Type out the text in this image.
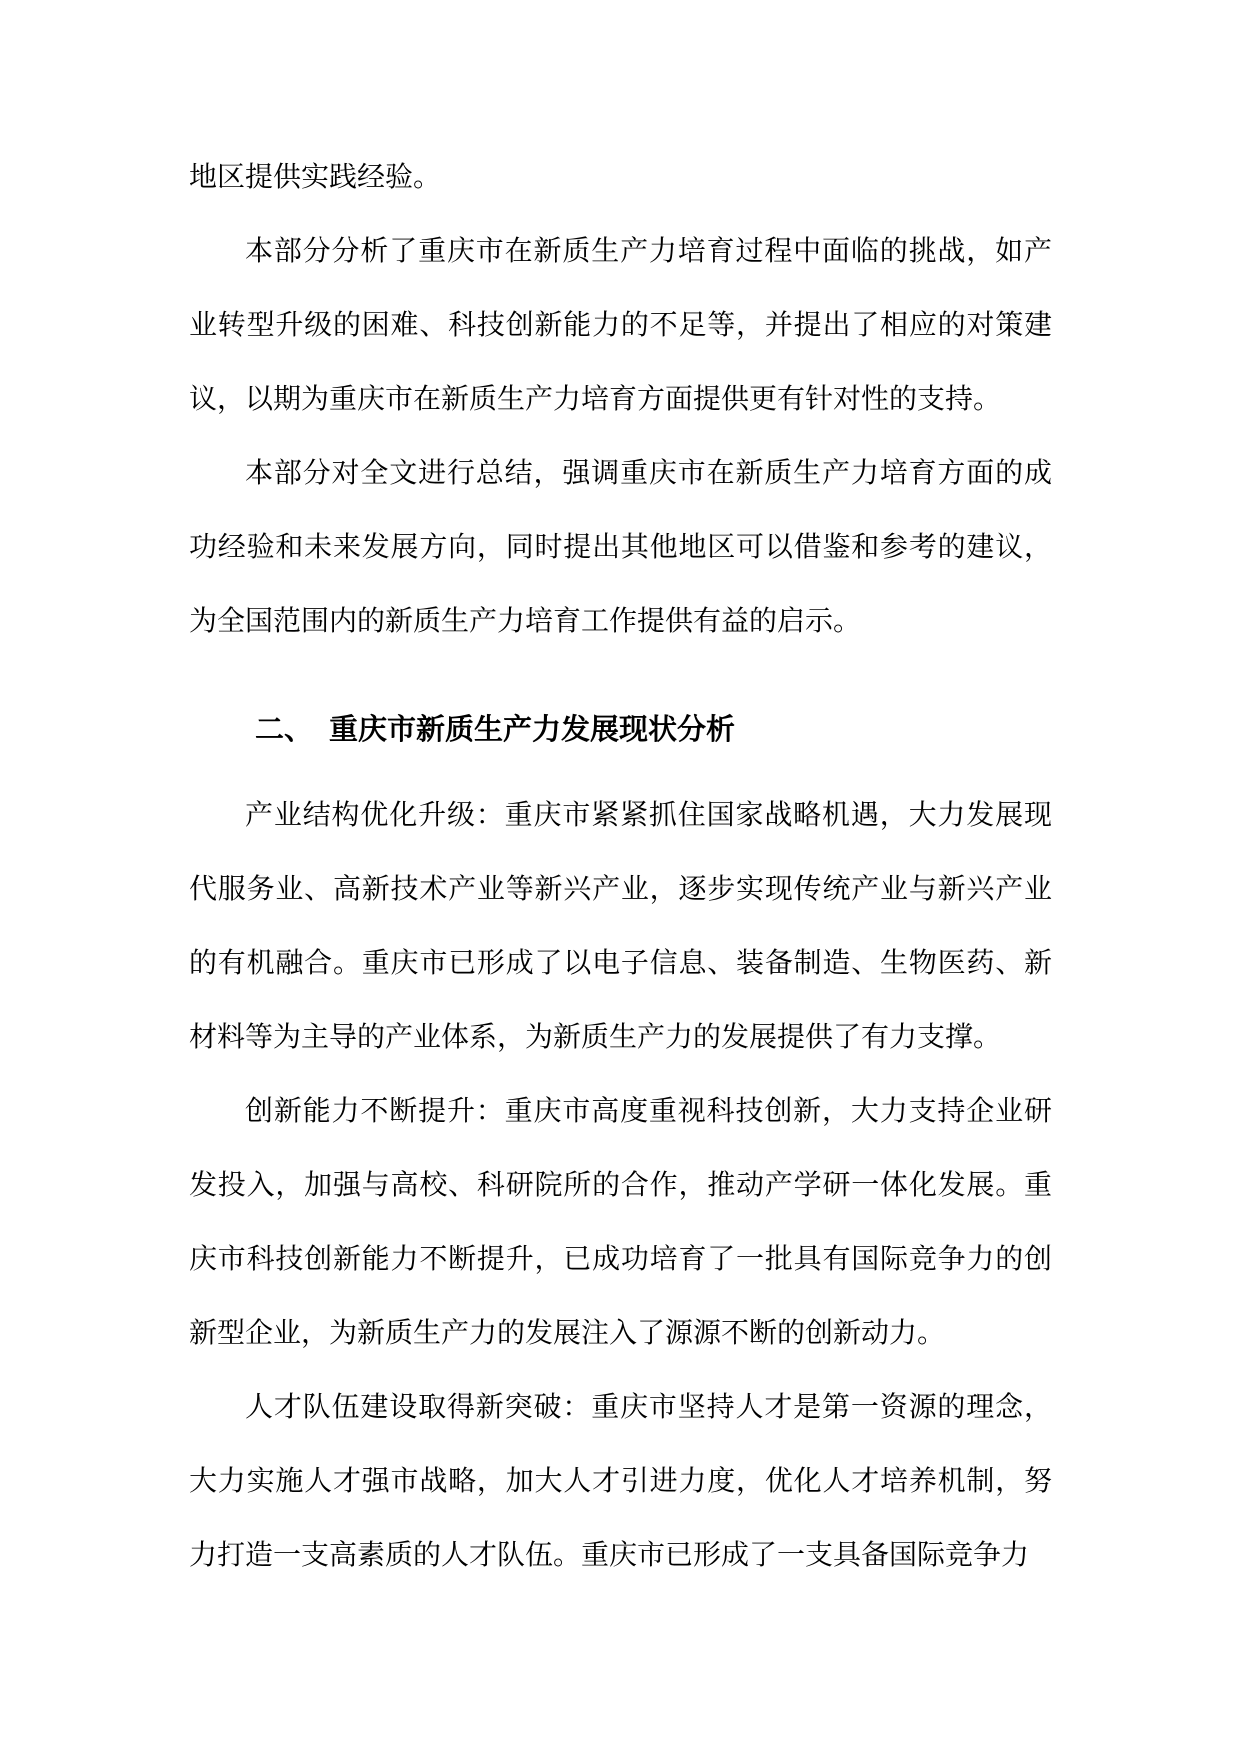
地区提供实践经验。

本部分分析了重庆市在新质生产力培育过程中面临的挑战，如产业转型升级的困难、科技创新能力的不足等，并提出了相应的对策建议，以期为重庆市在新质生产力培育方面提供更有针对性的支持。

本部分对全文进行总结，强调重庆市在新质生产力培育方面的成功经验和未来发展方向，同时提出其他地区可以借鉴和参考的建议，为全国范围内的新质生产力培育工作提供有益的启示。

二、 重庆市新质生产力发展现状分析

产业结构优化升级：重庆市紧紧抓住国家战略机遇，大力发展现代服务业、高新技术产业等新兴产业，逐步实现传统产业与新兴产业的有机融合。重庆市已形成了以电子信息、装备制造、生物医药、新材料等为主导的产业体系，为新质生产力的发展提供了有力支撑。

创新能力不断提升：重庆市高度重视科技创新，大力支持企业研发投入，加强与高校、科研院所的合作，推动产学研一体化发展。重庆市科技创新能力不断提升，已成功培育了一批具有国际竞争力的创新型企业，为新质生产力的发展注入了源源不断的创新动力。

人才队伍建设取得新突破：重庆市坚持人才是第一资源的理念，大力实施人才强市战略，加大人才引进力度，优化人才培养机制，努力打造一支高素质的人才队伍。重庆市已形成了一支具备国际竞争力
